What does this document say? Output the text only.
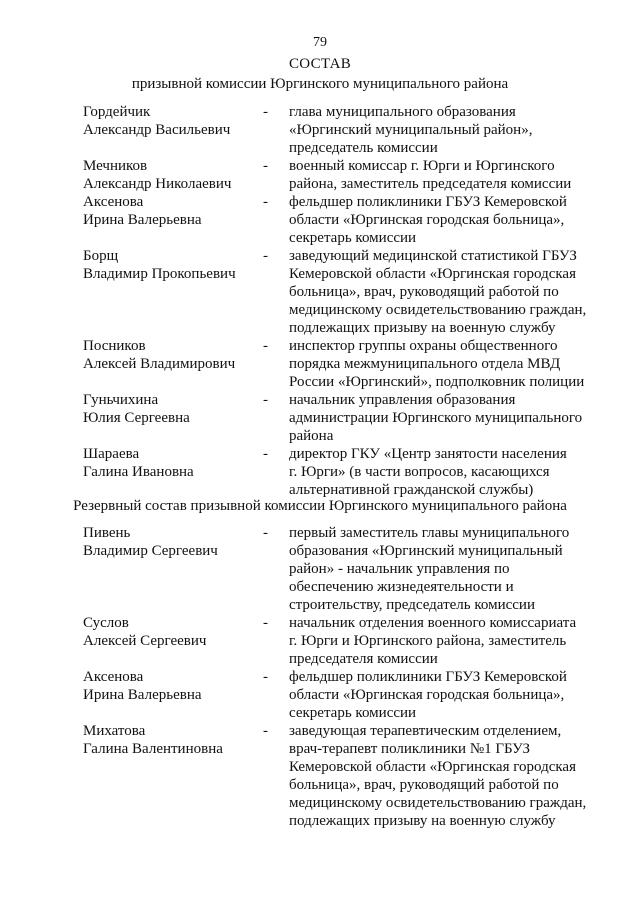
79
СОСТАВ
призывной комиссии Юргинского муниципального района
Гордейчик
Александр Васильевич
-	глава муниципального образования
«Юргинский муниципальный район»,
председатель комиссии
Мечников
Александр Николаевич
-	военный комиссар г. Юрги и Юргинского
района, заместитель председателя комиссии
Аксенова
Ирина Валерьевна
-	фельдшер поликлиники ГБУЗ Кемеровской
области «Юргинская городская больница»,
секретарь комиссии
Борщ
Владимир Прокопьевич
-	заведующий медицинской статистикой ГБУЗ
Кемеровской области «Юргинская городская
больница», врач, руководящий работой по
медицинскому освидетельствованию граждан,
подлежащих призыву на военную службу
Посников
Алексей Владимирович
-	инспектор группы охраны общественного
порядка межмуниципального отдела МВД
России «Юргинский», подполковник полиции
Гуньчихина
Юлия Сергеевна
-	начальник управления образования
администрации Юргинского муниципального
района
Шараева
Галина Ивановна
-	директор ГКУ «Центр занятости населения
г. Юрги» (в части вопросов, касающихся
альтернативной гражданской службы)
Резервный состав призывной комиссии Юргинского муниципального района
Пивень
Владимир Сергеевич
-	первый заместитель главы муниципального
образования «Юргинский муниципальный
район» - начальник управления по
обеспечению жизнедеятельности и
строительству, председатель комиссии
Суслов
Алексей Сергеевич
-	начальник отделения военного комиссариата
г. Юрги и Юргинского района, заместитель
председателя комиссии
Аксенова
Ирина Валерьевна
-	фельдшер поликлиники ГБУЗ Кемеровской
области «Юргинская городская больница»,
секретарь комиссии
Михатова
Галина Валентиновна
-	заведующая терапевтическим отделением,
врач-терапевт поликлиники №1 ГБУЗ
Кемеровской области «Юргинская городская
больница», врач, руководящий работой по
медицинскому освидетельствованию граждан,
подлежащих призыву на военную службу
